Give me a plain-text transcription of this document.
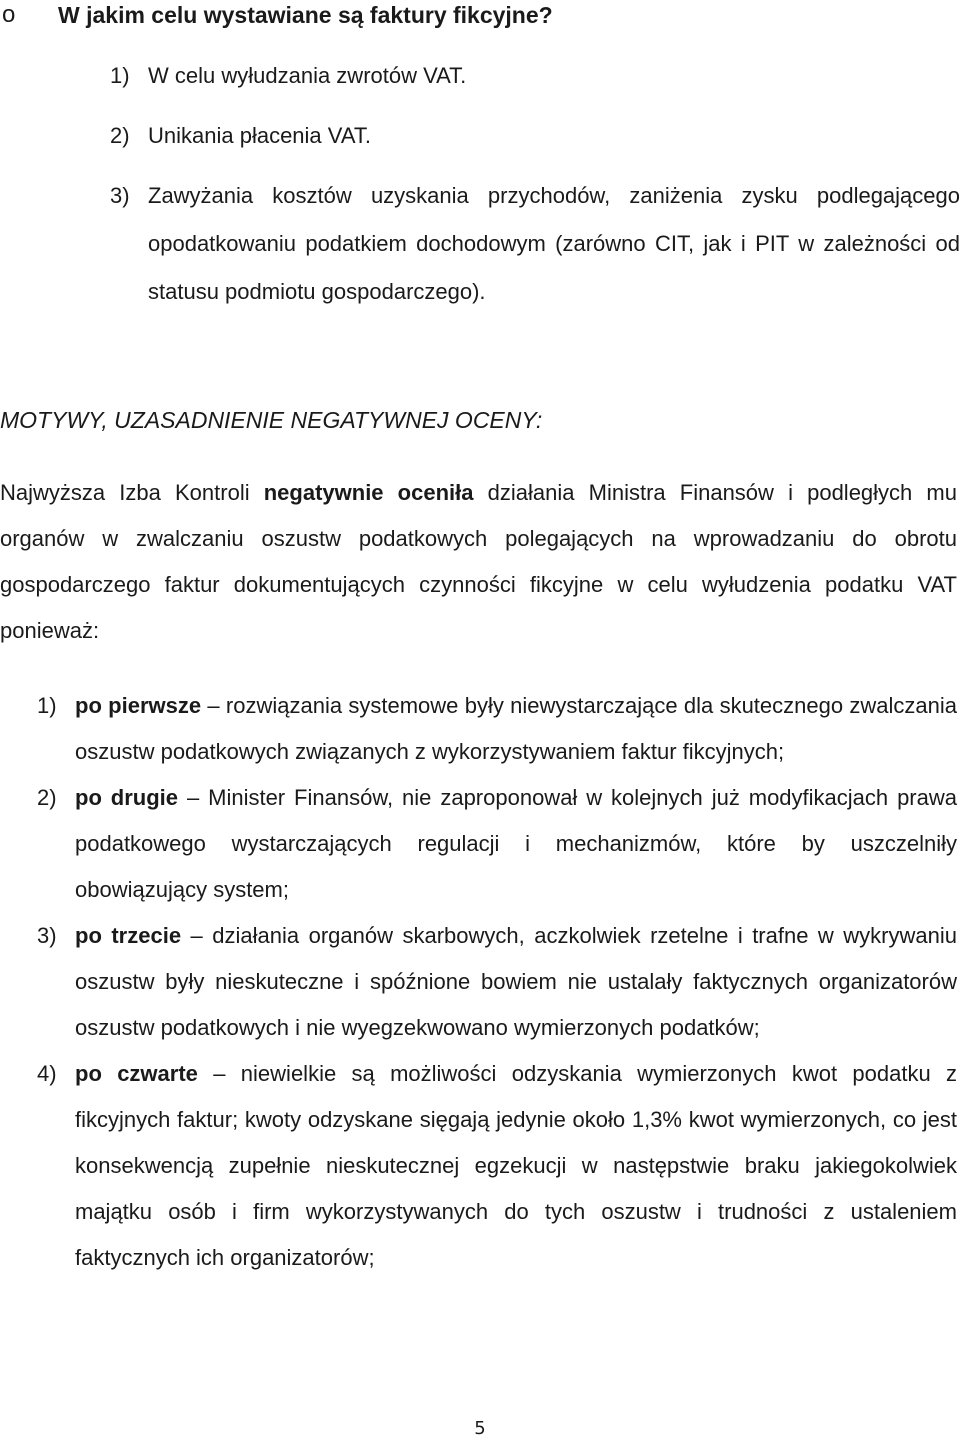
o W jakim celu wystawiane są faktury fikcyjne?
1) W celu wyłudzania zwrotów VAT.
2) Unikania płacenia VAT.
3) Zawyżania kosztów uzyskania przychodów, zaniżenia zysku podlegającego opodatkowaniu podatkiem dochodowym (zarówno CIT, jak i PIT w zależności od statusu podmiotu gospodarczego).
MOTYWY, UZASADNIENIE NEGATYWNEJ OCENY:

Najwyższa Izba Kontroli negatywnie oceniła działania Ministra Finansów i podległych mu organów w zwalczaniu oszustw podatkowych polegających na wprowadzaniu do obrotu gospodarczego faktur dokumentujących czynności fikcyjne w celu wyłudzenia podatku VAT ponieważ:

1) po pierwsze – rozwiązania systemowe były niewystarczające dla skutecznego zwalczania oszustw podatkowych związanych z wykorzystywaniem faktur fikcyjnych;
2) po drugie – Minister Finansów, nie zaproponował w kolejnych już modyfikacjach prawa podatkowego wystarczających regulacji i mechanizmów, które by uszczelniły obowiązujący system;
3) po trzecie – działania organów skarbowych, aczkolwiek rzetelne i trafne w wykrywaniu oszustw były nieskuteczne i spóźnione bowiem nie ustalały faktycznych organizatorów oszustw podatkowych i nie wyegzekwowano wymierzonych podatków;
4) po czwarte – niewielkie są możliwości odzyskania wymierzonych kwot podatku z fikcyjnych faktur; kwoty odzyskane sięgają jedynie około 1,3% kwot wymierzonych, co jest konsekwencją zupełnie nieskutecznej egzekucji w następstwie braku jakiegokolwiek majątku osób i firm wykorzystywanych do tych oszustw i trudności z ustaleniem faktycznych ich organizatorów;
5
